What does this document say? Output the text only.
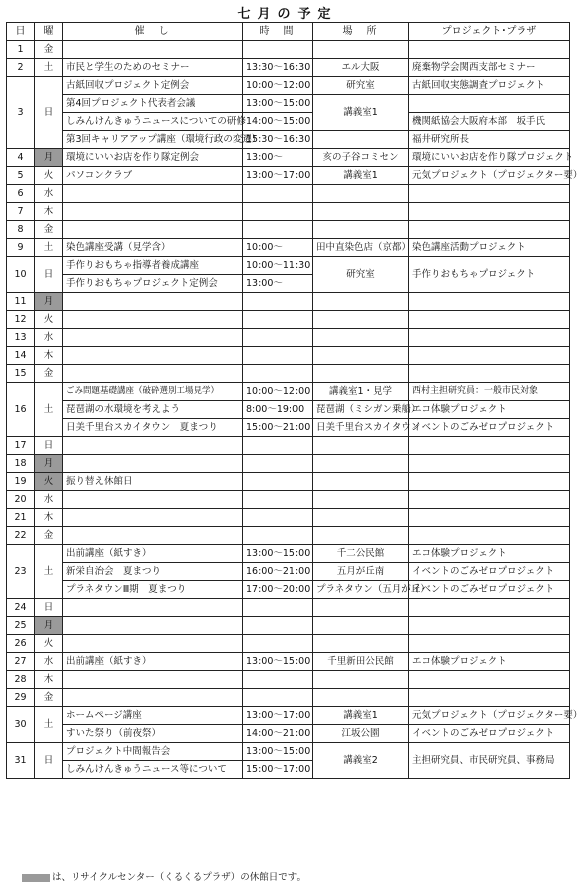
七月の予定
日	曜	催　し	時　間	場　所	プロジェクト･プラザ
1	金				
2	土	市民と学生のためのセミナー	13:30～16:30	エル大阪	廃棄物学会関西支部セミナー
3	日	古紙回収プロジェクト定例会	10:00～12:00	研究室	古紙回収実態調査プロジェクト
		第4回プロジェクト代表者会議	13:00～15:00	講義室1	
		しみんけんきゅうニュースについての研修	14:00～15:00		機関紙協会大阪府本部　坂手氏
		第3回キャリアアップ講座（環境行政の変遷）	15:30～16:30		福井研究所長
4	月	環境にいいお店を作り隊定例会	13:00～	亥の子谷コミセン	環境にいいお店を作り隊プロジェクト
5	火	パソコンクラブ	13:00～17:00	講義室1	元気プロジェクト（プロジェクター要）
6	水				
7	木				
8	金				
9	土	染色講座受講（見学含）	10:00～	田中直染色店（京都）	染色講座活動プロジェクト
10	日	手作りおもちゃ指導者養成講座	10:00～11:30	研究室	手作りおもちゃプロジェクト
		手作りおもちゃプロジェクト定例会	13:00～		
11	月				
12	火				
13	水				
14	木				
15	金				
16	土	ごみ問題基礎講座（破砕選別工場見学）	10:00～12:00	講義室1・見学	西村主担研究員：一般市民対象
		琵琶湖の水環境を考えよう	8:00～19:00	琵琶湖（ミシガン乗船）	エコ体験プロジェクト
		日美千里台スカイタウン　夏まつり	15:00～21:00	日美千里台スカイタウン	イベントのごみゼロプロジェクト
17	日				
18	月				
19	火	振り替え休館日			
20	水				
21	木				
22	金				
23	土	出前講座（紙すき）	13:00～15:00	千二公民館	エコ体験プロジェクト
		新栄自治会　夏まつり	16:00～21:00	五月が丘南	イベントのごみゼロプロジェクト
		プラネタウンⅢ期　夏まつり	17:00～20:00	プラネタウン（五月が丘）	イベントのごみゼロプロジェクト
24	日				
25	月				
26	火				
27	水	出前講座（紙すき）	13:00～15:00	千里新田公民館	エコ体験プロジェクト
28	木				
29	金				
30	土	ホームページ講座	13:00～17:00	講義室1	元気プロジェクト（プロジェクター要）
		すいた祭り（前夜祭）	14:00～21:00	江坂公園	イベントのごみゼロプロジェクト
31	日	プロジェクト中間報告会	13:00～15:00	講義室2	主担研究員、市民研究員、事務局
		しみんけんきゅうニュース等について	15:00～17:00		
は、リサイクルセンター（くるくるプラザ）の休館日です。
